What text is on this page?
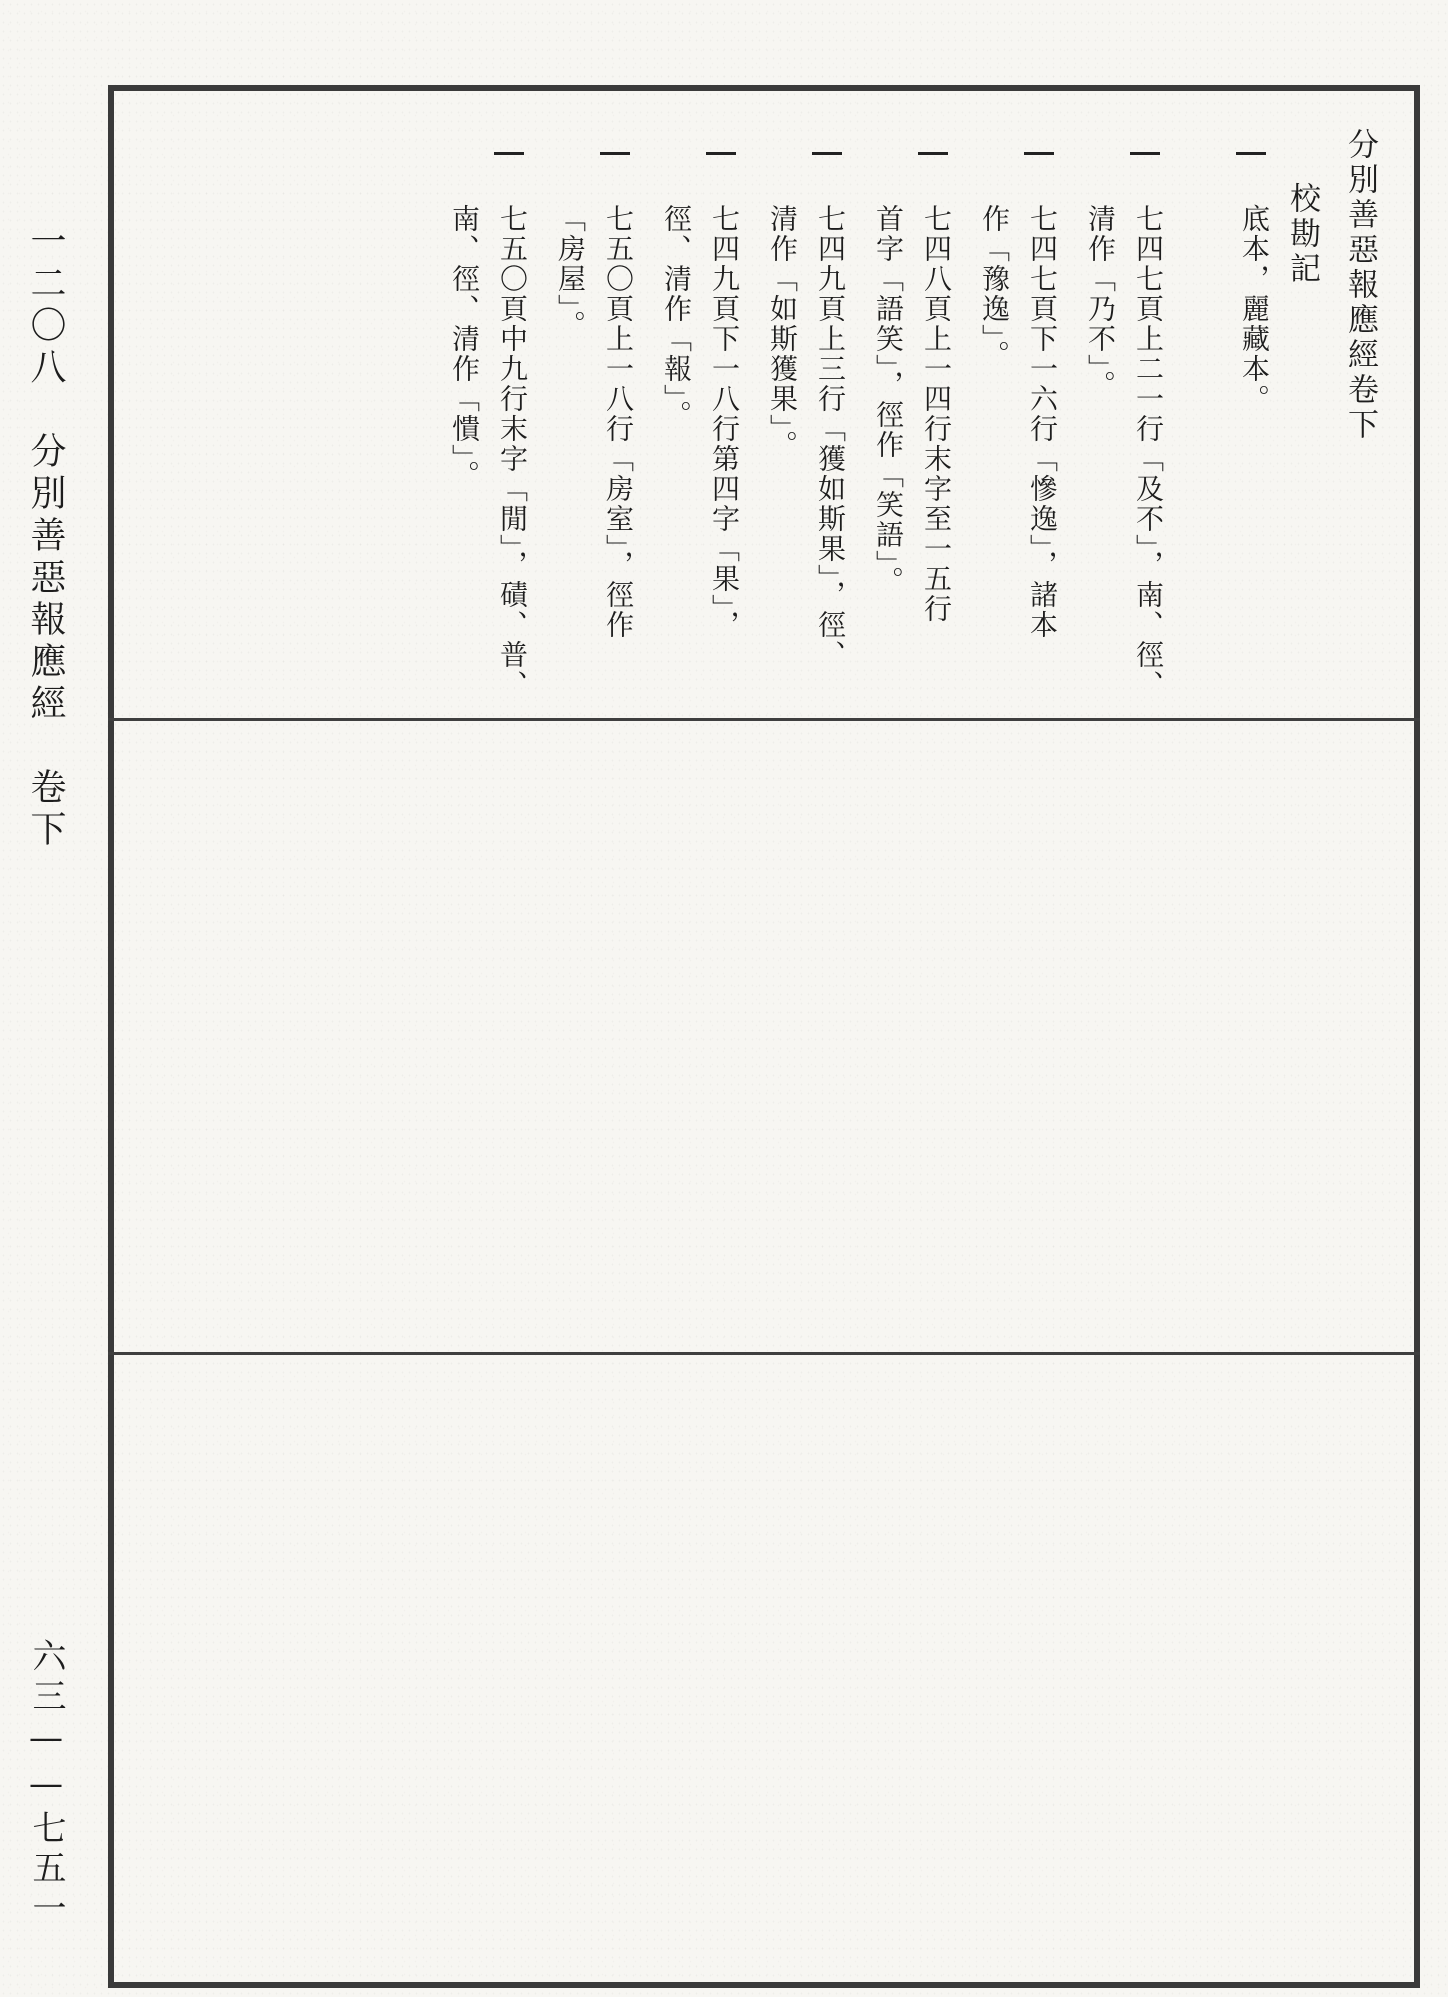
分別善惡報應經卷下
校勘記
底本，麗藏本。
七四七頁上二一行「及不」，南、徑、
清作「乃不」。
七四七頁下一六行「慘逸」，諸本
作「豫逸」。
七四八頁上一四行末字至一五行
首字「語笑」，徑作「笑語」。
七四九頁上三行「獲如斯果」，徑、
清作「如斯獲果」。
七四九頁下一八行第四字「果」，
徑、清作「報」。
七五〇頁上一八行「房室」，徑作
「房屋」。
七五〇頁中九行末字「閒」，磧、普、
南、徑、清作「憒」。
一二〇八　分別善惡報應經　卷下
六三——七五一
